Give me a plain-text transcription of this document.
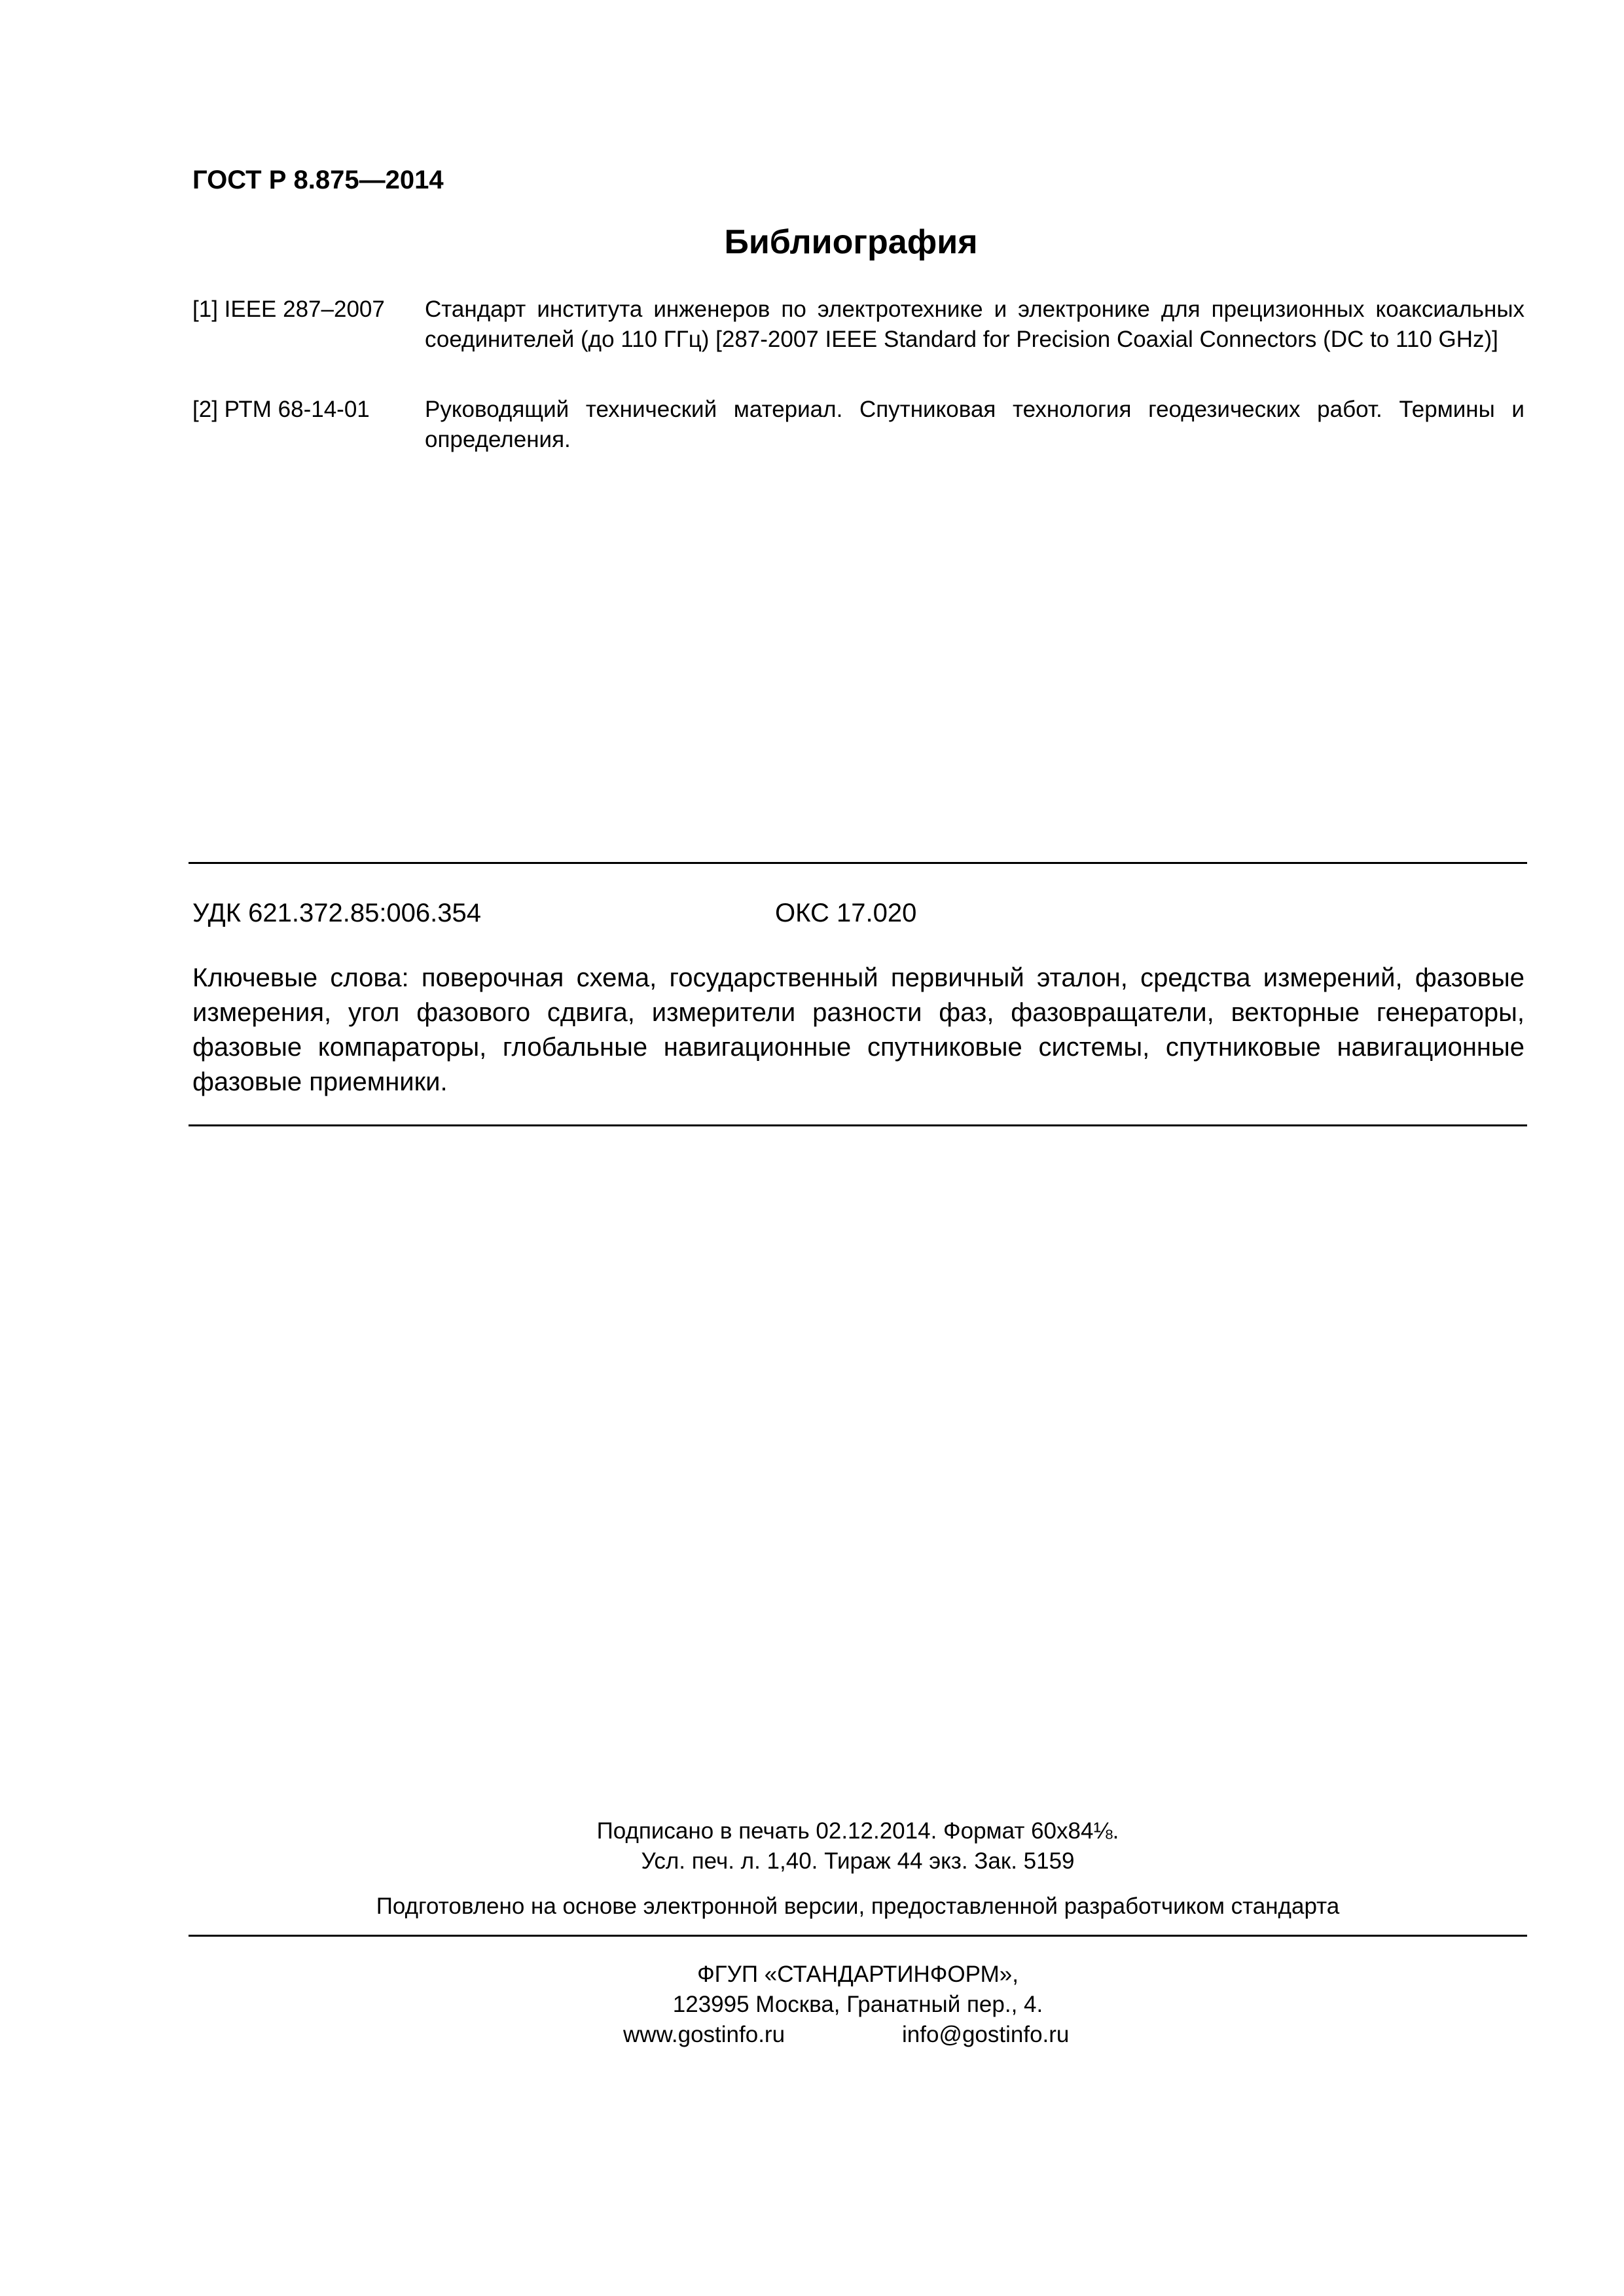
ГОСТ Р 8.875—2014
Библиография
[1] IEEE 287–2007	Стандарт института инженеров по электротехнике и электронике для прецизионных коаксиальных соединителей (до 110 ГГц) [287-2007 IEEE Standard for Precision Coaxial Connectors (DC to 110 GHz)]
[2] РТМ 68-14-01	Руководящий технический материал. Спутниковая технология геодезических работ. Термины и определения.
УДК 621.372.85:006.354	ОКС 17.020
Ключевые слова: поверочная схема, государственный первичный эталон, средства измерений, фазовые измерения, угол фазового сдвига, измерители разности фаз, фазовращатели, векторные генераторы, фазовые компараторы, глобальные навигационные спутниковые системы, спутниковые навигационные фазовые приемники.
Подписано в печать 02.12.2014. Формат 60x84⅛.
Усл. печ. л. 1,40. Тираж 44 экз. Зак. 5159
Подготовлено на основе электронной версии, предоставленной разработчиком стандарта
ФГУП «СТАНДАРТИНФОРМ»,
123995 Москва, Гранатный пер., 4.
www.gostinfo.ru	info@gostinfo.ru
